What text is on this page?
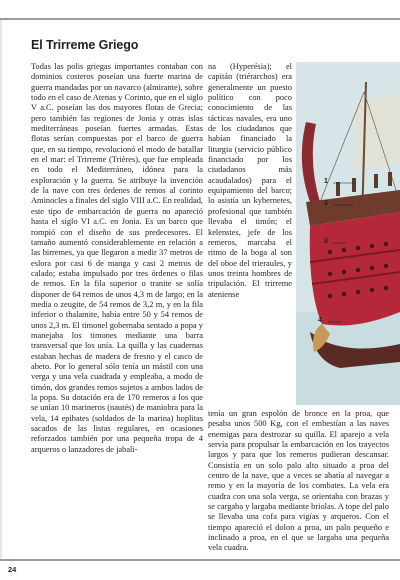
El Trirreme Griego

Todas las polis griegas importantes contaban con dominios costeros poseían una fuerte marina de guerra mandadas por un navarco (almirante), sobre todo en el caso de Atenas y Corinto, que en el siglo V a.C. poseían las dos mayores flotas de Grecia; pero también las regiones de Jonia y otras islas mediterráneas poseían fuertes armadas. Estas flotas serían compuestas por el barco de guerra que, en su tiempo, revolucionó el modo de batallar en el mar: el Trirreme (Trières), que fue empleada en todo el Mediterráneo, idónea para la exploración y la guerra. Se atribuye la invención de la nave con tres órdenes de remos al corinto Aminocles a finales del siglo VIII a.C. En realidad, este tipo de embarcación de guerra no apareció hasta el siglo VI a.C. en Jonia. Es un barco que rompió con el diseño de sus predecesores. El tamaño aumentó considerablemente en relación a las birremes, ya que llegaron a medir 37 metros de eslora por casi 6 de manga y casi 2 metros de calado; estaba impulsado por tres órdenes o filas de remos. En la fila superior o tranite se solía disponer de 64 remos de unos 4,3 m de largo; en la media o zeugite, de 54 remos de 3,2 m, y en la fila inferior o thalamite, había entre 50 y 54 remos de unos 2,3 m. El timonel gobernaba sentado a popa y manejaba los timones mediante una barra transversal que los unía. La quilla y las cuadernas estaban hechas de madera de fresno y el casco de abeto. Por lo general sólo tenía un mástil con una verga y una vela cuadrada y empleaba, a modo de timón, dos grandes remos sujetos a ambos lados de la popa. Su dotación era de 170 remeros a los que se unían 10 marineros (nautés) de maniobra para la vela, 14 epibates (soldados de la marina) hoplitas sacados de las listas regulares, en ocasiones reforzados también por una pequeña tropa de 4 arqueros o lanzadores de jabali-

na (Hyperésia); el capitán (triérarchos) era generalmente un puesto político con poco conocimiento de las tácticas navales, era uno de los ciudadanos que habían financiado la liturgia (servicio público financiado por los ciudadanos más acaudalados) para el equipamiento del barco; lo asistía un kybernetes, profesional que también llevaba el timón; el kelenstes, jefe de los remeros, marcaba el ritmo de la boga al son del oboe del trieraules, y unos treinta hombres de tripulación. El trirreme ateniense

tenía un gran espolón de bronce en la proa, que pesaba unos 500 Kg, con el embestían a las naves enemigas para destrozar su quilla. El aparejo a vela servía para propulsar la embarcación en los trayectos largos y para que los remeros pudieran descansar. Consistía en un solo palo alto situado a proa del centro de la nave, que a veces se abatía al navegar a remo y en la mayoría de los combates. La vela era cuadra con una sola verga, se orientaba con brazas y se cargaba y largaba mediante briolas. A tope del palo se llevaba una cofa para vigías y arqueros. Con el tiempo apareció el dolon a proa, un palo pequeño e inclinado a proa, en el que se largaba una pequeña vela cuadra.

1
2
3
4
24
